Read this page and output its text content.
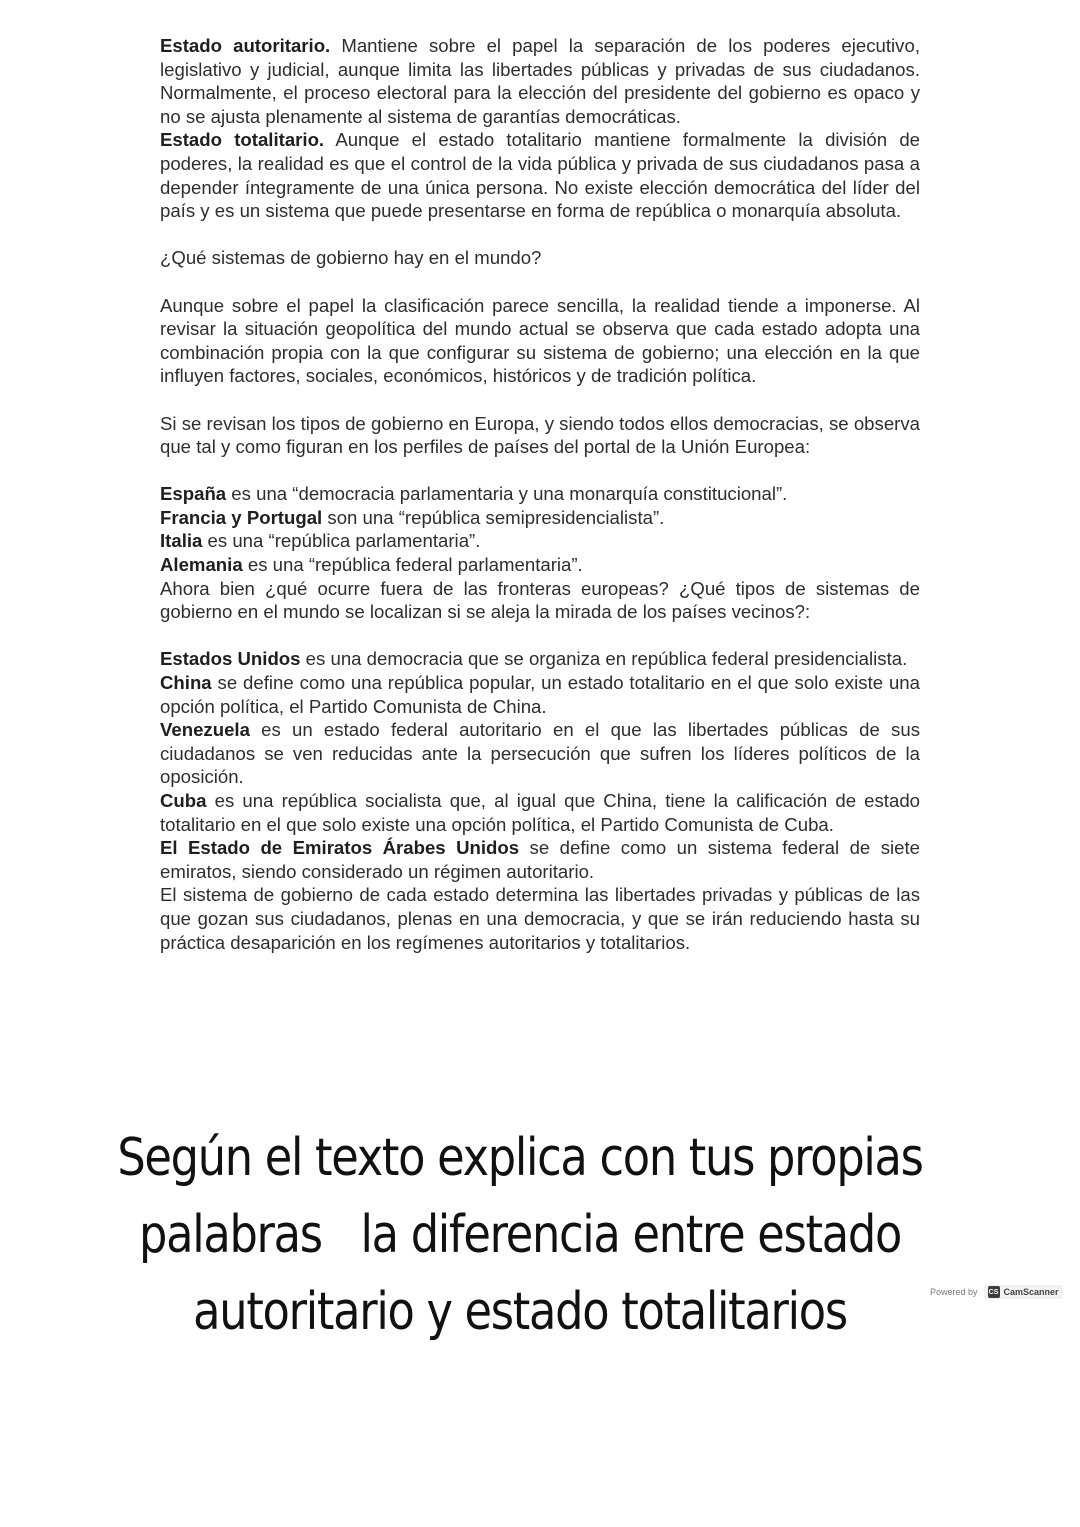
Estado autoritario. Mantiene sobre el papel la separación de los poderes ejecutivo, legislativo y judicial, aunque limita las libertades públicas y privadas de sus ciudadanos. Normalmente, el proceso electoral para la elección del presidente del gobierno es opaco y no se ajusta plenamente al sistema de garantías democráticas.

Estado totalitario. Aunque el estado totalitario mantiene formalmente la división de poderes, la realidad es que el control de la vida pública y privada de sus ciudadanos pasa a depender íntegramente de una única persona. No existe elección democrática del líder del país y es un sistema que puede presentarse en forma de república o monarquía absoluta.

¿Qué sistemas de gobierno hay en el mundo?

Aunque sobre el papel la clasificación parece sencilla, la realidad tiende a imponerse. Al revisar la situación geopolítica del mundo actual se observa que cada estado adopta una combinación propia con la que configurar su sistema de gobierno; una elección en la que influyen factores, sociales, económicos, históricos y de tradición política.

Si se revisan los tipos de gobierno en Europa, y siendo todos ellos democracias, se observa que tal y como figuran en los perfiles de países del portal de la Unión Europea:

España es una “democracia parlamentaria y una monarquía constitucional”.

Francia y Portugal son una “república semipresidencialista”.

Italia es una “república parlamentaria”.

Alemania es una “república federal parlamentaria”.

Ahora bien ¿qué ocurre fuera de las fronteras europeas? ¿Qué tipos de sistemas de gobierno en el mundo se localizan si se aleja la mirada de los países vecinos?:

Estados Unidos es una democracia que se organiza en república federal presidencialista.

China se define como una república popular, un estado totalitario en el que solo existe una opción política, el Partido Comunista de China.

Venezuela es un estado federal autoritario en el que las libertades públicas de sus ciudadanos se ven reducidas ante la persecución que sufren los líderes políticos de la oposición.

Cuba es una república socialista que, al igual que China, tiene la calificación de estado totalitario en el que solo existe una opción política, el Partido Comunista de Cuba.

El Estado de Emiratos Árabes Unidos se define como un sistema federal de siete emiratos, siendo considerado un régimen autoritario.

El sistema de gobierno de cada estado determina las libertades privadas y públicas de las que gozan sus ciudadanos, plenas en una democracia, y que se irán reduciendo hasta su práctica desaparición en los regímenes autoritarios y totalitarios.

Según el texto explica con tus propias
palabras   la diferencia entre estado
autoritario y estado totalitarios	Powered by CS CamScanner
